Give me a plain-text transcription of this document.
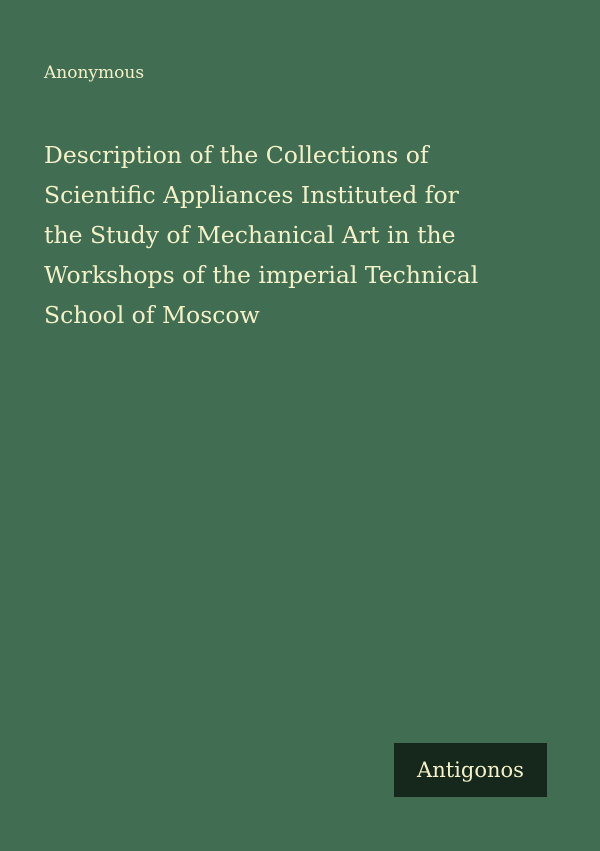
Anonymous
Description of the Collections of
Scientific Appliances Instituted for
the Study of Mechanical Art in the
Workshops of the imperial Technical
School of Moscow
Antigonos
